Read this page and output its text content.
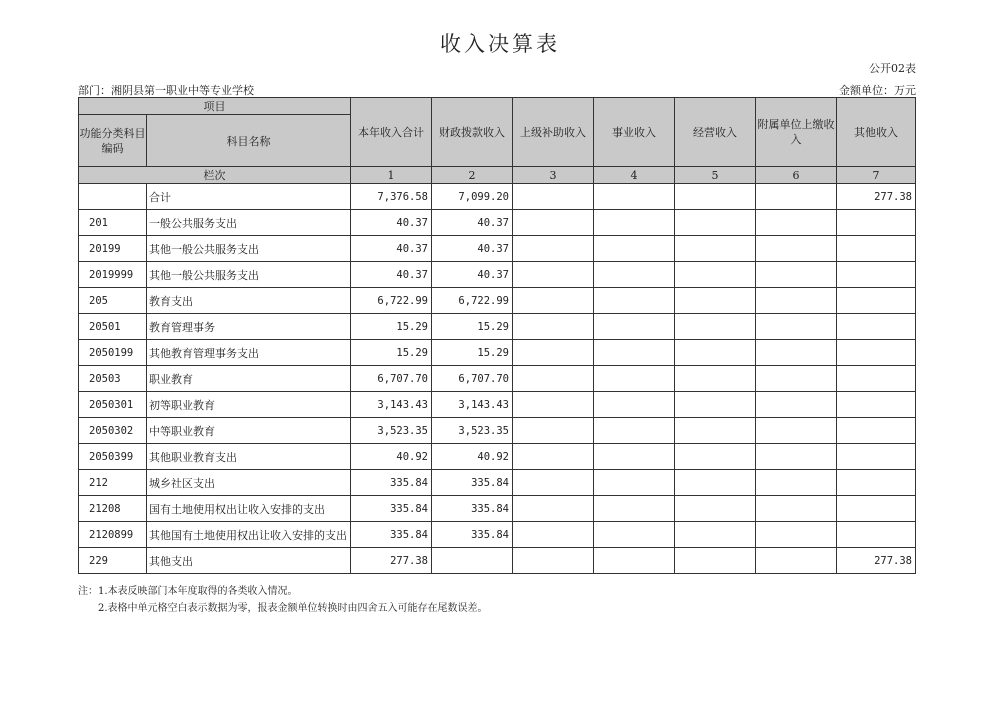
收入决算表
公开02表
部门：湘阴县第一职业中等专业学校	金额单位：万元
项目		本年收入合计	财政拨款收入	上级补助收入	事业收入	经营收入	附属单位上缴收入	其他收入
功能分类科目编码	科目名称							
栏次		1	2	3	4	5	6	7
	合计	7,376.58	7,099.20					277.38
201	一般公共服务支出	40.37	40.37					
20199	其他一般公共服务支出	40.37	40.37					
2019999	其他一般公共服务支出	40.37	40.37					
205	教育支出	6,722.99	6,722.99					
20501	教育管理事务	15.29	15.29					
2050199	其他教育管理事务支出	15.29	15.29					
20503	职业教育	6,707.70	6,707.70					
2050301	初等职业教育	3,143.43	3,143.43					
2050302	中等职业教育	3,523.35	3,523.35					
2050399	其他职业教育支出	40.92	40.92					
212	城乡社区支出	335.84	335.84					
21208	国有土地使用权出让收入安排的支出	335.84	335.84					
2120899	其他国有土地使用权出让收入安排的支出	335.84	335.84					
229	其他支出	277.38						277.38
注：1.本表反映部门本年度取得的各类收入情况。
2.表格中单元格空白表示数据为零，报表金额单位转换时由四舍五入可能存在尾数误差。
